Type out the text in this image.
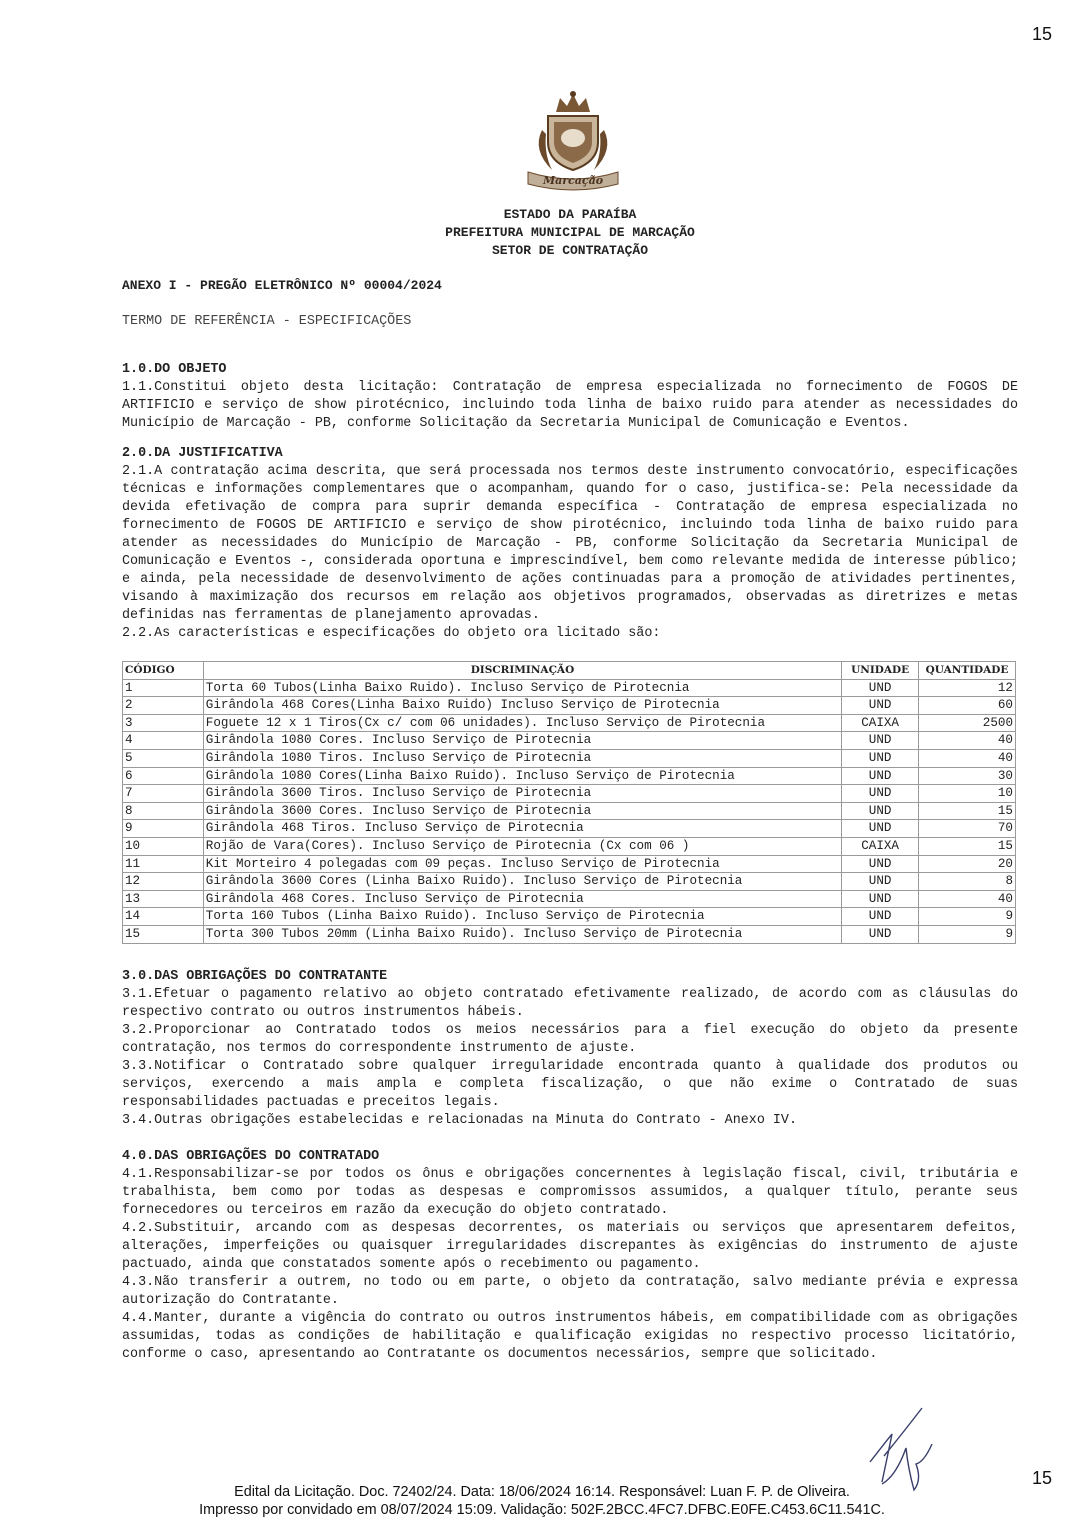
15
Marcação
ESTADO DA PARAÍBA
PREFEITURA MUNICIPAL DE MARCAÇÃO
SETOR DE CONTRATAÇÃO
ANEXO I - PREGÃO ELETRÔNICO Nº 00004/2024
TERMO DE REFERÊNCIA - ESPECIFICAÇÕES
1.0.DO OBJETO
1.1.Constitui objeto desta licitação: Contratação de empresa especializada no fornecimento de FOGOS DE ARTIFICIO e serviço de show pirotécnico, incluindo toda linha de baixo ruido para atender as necessidades do Município de Marcação - PB, conforme Solicitação da Secretaria Municipal de Comunicação e Eventos.
2.0.DA JUSTIFICATIVA
2.1.A contratação acima descrita, que será processada nos termos deste instrumento convocatório, especificações técnicas e informações complementares que o acompanham, quando for o caso, justifica-se: Pela necessidade da devida efetivação de compra para suprir demanda específica - Contratação de empresa especializada no fornecimento de FOGOS DE ARTIFICIO e serviço de show pirotécnico, incluindo toda linha de baixo ruido para atender as necessidades do Município de Marcação - PB, conforme Solicitação da Secretaria Municipal de Comunicação e Eventos -, considerada oportuna e imprescindível, bem como relevante medida de interesse público; e ainda, pela necessidade de desenvolvimento de ações continuadas para a promoção de atividades pertinentes, visando à maximização dos recursos em relação aos objetivos programados, observadas as diretrizes e metas definidas nas ferramentas de planejamento aprovadas.
2.2.As características e especificações do objeto ora licitado são:
CÓDIGO	DISCRIMINAÇÃO	UNIDADE	QUANTIDADE
1	Torta 60 Tubos(Linha Baixo Ruido). Incluso Serviço de Pirotecnia	UND	12
2	Girândola 468 Cores(Linha Baixo Ruido) Incluso Serviço de Pirotecnia	UND	60
3	Foguete 12 x 1 Tiros(Cx c/ com 06 unidades). Incluso Serviço de Pirotecnia	CAIXA	2500
4	Girândola 1080 Cores. Incluso Serviço de Pirotecnia	UND	40
5	Girândola 1080 Tiros. Incluso Serviço de Pirotecnia	UND	40
6	Girândola 1080 Cores(Linha Baixo Ruido). Incluso Serviço de Pirotecnia	UND	30
7	Girândola 3600 Tiros. Incluso Serviço de Pirotecnia	UND	10
8	Girândola 3600 Cores. Incluso Serviço de Pirotecnia	UND	15
9	Girândola 468 Tiros. Incluso Serviço de Pirotecnia	UND	70
10	Rojão de Vara(Cores). Incluso Serviço de Pirotecnia (Cx com 06 )	CAIXA	15
11	Kit Morteiro 4 polegadas com 09 peças. Incluso Serviço de Pirotecnia	UND	20
12	Girândola 3600 Cores (Linha Baixo Ruido). Incluso Serviço de Pirotecnia	UND	8
13	Girândola 468 Cores. Incluso Serviço de Pirotecnia	UND	40
14	Torta 160 Tubos (Linha Baixo Ruido). Incluso Serviço de Pirotecnia	UND	9
15	Torta 300 Tubos 20mm (Linha Baixo Ruido). Incluso Serviço de Pirotecnia	UND	9
3.0.DAS OBRIGAÇÕES DO CONTRATANTE
3.1.Efetuar o pagamento relativo ao objeto contratado efetivamente realizado, de acordo com as cláusulas do respectivo contrato ou outros instrumentos hábeis.
3.2.Proporcionar ao Contratado todos os meios necessários para a fiel execução do objeto da presente contratação, nos termos do correspondente instrumento de ajuste.
3.3.Notificar o Contratado sobre qualquer irregularidade encontrada quanto à qualidade dos produtos ou serviços, exercendo a mais ampla e completa fiscalização, o que não exime o Contratado de suas responsabilidades pactuadas e preceitos legais.
3.4.Outras obrigações estabelecidas e relacionadas na Minuta do Contrato - Anexo IV.
4.0.DAS OBRIGAÇÕES DO CONTRATADO
4.1.Responsabilizar-se por todos os ônus e obrigações concernentes à legislação fiscal, civil, tributária e trabalhista, bem como por todas as despesas e compromissos assumidos, a qualquer título, perante seus fornecedores ou terceiros em razão da execução do objeto contratado.
4.2.Substituir, arcando com as despesas decorrentes, os materiais ou serviços que apresentarem defeitos, alterações, imperfeições ou quaisquer irregularidades discrepantes às exigências do instrumento de ajuste pactuado, ainda que constatados somente após o recebimento ou pagamento.
4.3.Não transferir a outrem, no todo ou em parte, o objeto da contratação, salvo mediante prévia e expressa autorização do Contratante.
4.4.Manter, durante a vigência do contrato ou outros instrumentos hábeis, em compatibilidade com as obrigações assumidas, todas as condições de habilitação e qualificação exigidas no respectivo processo licitatório, conforme o caso, apresentando ao Contratante os documentos necessários, sempre que solicitado.
15
Edital da Licitação. Doc. 72402/24. Data: 18/06/2024 16:14. Responsável: Luan F. P. de Oliveira.
Impresso por convidado em 08/07/2024 15:09. Validação: 502F.2BCC.4FC7.DFBC.E0FE.C453.6C11.541C.
